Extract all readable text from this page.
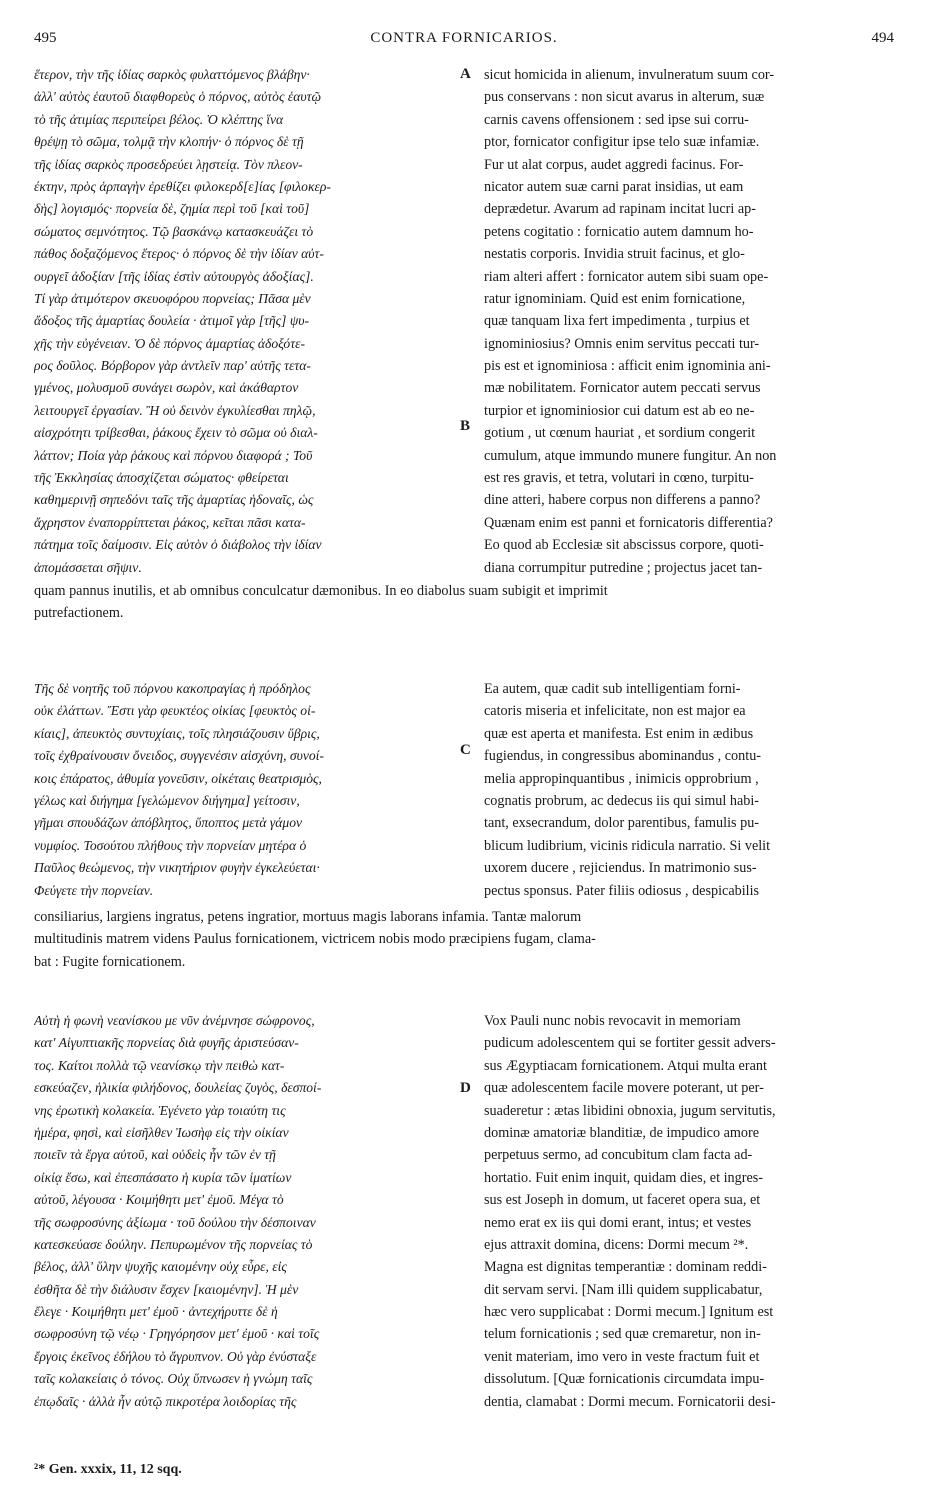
495	CONTRA FORNICARIOS.	494
ἕτερον, τὴν τῆς ἰδίας σαρκὸς φυλαττόμενος βλάβην·
ἀλλ' αὐτὸς ἑαυτοῦ διαφθορεὺς ὁ πόρνος, αὐτὸς ἑαυτῷ
τὸ τῆς ἀτιμίας περιπείρει βέλος. Ὁ κλέπτης ἵνα
θρέψῃ τὸ σῶμα, τολμᾷ τὴν κλοπήν· ὁ πόρνος δὲ τῇ
τῆς ἰδίας σαρκὸς προσεδρεύει λῃστείᾳ. Τὸν πλεον-
έκτην, πρὸς ἁρπαγὴν ἐρεθίζει φιλοκερδ[ε]ίας [φιλοκερ-
δὴς] λογισμός· πορνεία δὲ, ζημία περὶ τοῦ [καὶ τοῦ]
σώματος σεμνότητος. Τῷ βασκάνῳ κατασκευάζει τὸ
πάθος δοξαζόμενος ἕτερος· ὁ πόρνος δὲ τὴν ἰδίαν αὐτ-
ουργεῖ ἀδοξίαν [τῆς ἰδίας ἐστὶν αὐτουργὸς ἀδοξίας].
Τί γὰρ ἀτιμότερον σκευοφόρου πορνείας; Πᾶσα μὲν
ἄδοξος τῆς ἁμαρτίας δουλεία · ἀτιμοῖ γὰρ [τῆς] ψυ-
χῆς τὴν εὐγένειαν. Ὁ δὲ πόρνος ἁμαρτίας ἀδοξότε-
ρος δοῦλος. Βόρβορον γὰρ ἀντλεῖν παρ' αὐτῆς τετα-
γμένος, μολυσμοῦ συνάγει σωρὸν, καὶ ἀκάθαρτον
λειτουργεῖ ἐργασίαν. Ἢ οὐ δεινὸν ἐγκυλίεσθαι πηλῷ,
αἰσχρότητι τρίβεσθαι, ῥάκους ἔχειν τὸ σῶμα οὐ διαλ-
λάττον; Ποία γὰρ ῥάκους καὶ πόρνου διαφορά ; Τοῦ
τῆς Ἐκκλησίας ἀποσχίζεται σώματος· φθείρεται
καθημερινῇ σηπεδόνι ταῖς τῆς ἁμαρτίας ἡδοναῖς, ὡς
ἄχρηστον ἐναπορρίπτεται ῥάκος, κεῖται πᾶσι κατα-
πάτημα τοῖς δαίμοσιν. Εἰς αὐτὸν ὁ διάβολος τὴν ἰδίαν
ἀπομάσσεται σῆψιν.
sicut homicida in alienum, invulneratum suum cor-
pus conservans : non sicut avarus in alterum, suæ
carnis cavens offensionem : sed ipse sui corru-
ptor, fornicator configitur ipse telo suæ infamiæ.
Fur ut alat corpus, audet aggredi facinus. For-
nicator autem suæ carni parat insidias, ut eam
deprædetur. Avarum ad rapinam incitat lucri ap-
petens cogitatio : fornicatio autem damnum ho-
nestatis corporis. Invidia struit facinus, et glo-
riam alteri affert : fornicator autem sibi suam ope-
ratur ignominiam. Quid est enim fornicatione,
quæ tanquam lixa fert impedimenta , turpius et
ignominiosius? Omnis enim servitus peccati tur-
pis est et ignominiosa : afficit enim ignominia ani-
mæ nobilitatem. Fornicator autem peccati servus
turpior et ignominiosior cui datum est ab eo ne-
gotium , ut cœnum hauriat , et sordium congerit
cumulum, atque immundo munere fungitur. An non
est res gravis, et tetra, volutari in cœno, turpitu-
dine atteri, habere corpus non differens a panno?
Quænam enim est panni et fornicatoris differentia?
Eo quod ab Ecclesiæ sit abscissus corpore, quoti-
diana corrumpitur putredine ; projectus jacet tan-
quam pannus inutilis, et ab omnibus conculcatur dæmonibus. In eo diabolus suam subigit et imprimit
putrefactionem.
A
B
Τῆς δὲ νοητῆς τοῦ πόρνου κακοπραγίας ἡ πρόδηλος
οὐκ ἐλάττων. Ἔστι γὰρ φευκτέος οἰκίας [φευκτὸς οἰ-
κίαις], ἀπευκτὸς συντυχίαις, τοῖς πλησιάζουσιν ὕβρις,
τοῖς ἐχθραίνουσιν ὄνειδος, συγγενέσιν αἰσχύνη, συνοί-
κοις ἐπάρατος, ἀθυμία γονεῦσιν, οἰκέταις θεατρισμὸς,
γέλως καὶ διήγημα [γελώμενον διήγημα] γείτοσιν,
γῆμαι σπουδάζων ἀπόβλητος, ὕποπτος μετὰ γάμον
νυμφίος. Τοσούτου πλήθους τὴν πορνείαν μητέρα ὁ
Παῦλος θεώμενος, τὴν νικητήριον φυγὴν ἐγκελεύεται·
Φεύγετε τὴν πορνείαν.
Ea autem, quæ cadit sub intelligentiam forni-
catoris miseria et infelicitate, non est major ea
quæ est aperta et manifesta. Est enim in ædibus
fugiendus, in congressibus abominandus , contu-
melia appropinquantibus , inimicis opprobrium ,
cognatis probrum, ac dedecus iis qui simul habi-
tant, exsecrandum, dolor parentibus, famulis pu-
blicum ludibrium, vicinis ridicula narratio. Si velit
uxorem ducere , rejiciendus. In matrimonio sus-
pectus sponsus. Pater filiis odiosus , despicabilis
consiliarius, largiens ingratus, petens ingratior, mortuus magis laborans infamia. Tantæ malorum
multitudinis matrem videns Paulus fornicationem, victricem nobis modo præcipiens fugam, clama-
bat : Fugite fornicationem.
C
Αὐτὴ ἡ φωνὴ νεανίσκου με νῦν ἀνέμνησε σώφρονος,
κατ' Αἰγυπτιακῆς πορνείας διὰ φυγῆς ἀριστεύσαν-
τος. Καίτοι πολλὰ τῷ νεανίσκῳ τὴν πειθὼ κατ-
εσκεύαζεν, ἡλικία φιλήδονος, δουλείας ζυγὸς, δεσποί-
νης ἐρωτικὴ κολακεία. Ἐγένετο γὰρ τοιαύτη τις
ἡμέρα, φησὶ, καὶ εἰσῆλθεν Ἰωσὴφ εἰς τὴν οἰκίαν
ποιεῖν τὰ ἔργα αὐτοῦ, καὶ οὐδεὶς ἦν τῶν ἐν τῇ
οἰκίᾳ ἔσω, καὶ ἐπεσπάσατο ἡ κυρία τῶν ἱματίων
αὐτοῦ, λέγουσα · Κοιμήθητι μετ' ἐμοῦ. Μέγα τὸ
τῆς σωφροσύνης ἀξίωμα · τοῦ δούλου τὴν δέσποιναν
κατεσκεύασε δούλην. Πεπυρωμένον τῆς πορνείας τὸ
βέλος, ἀλλ' ὕλην ψυχῆς καιομένην οὐχ εὗρε, εἰς
ἐσθῆτα δὲ τὴν διάλυσιν ἔσχεν [καιομένην]. Ἡ μὲν
ἔλεγε · Κοιμήθητι μετ' ἐμοῦ · ἀντεχήρυττε δὲ ἡ
σωφροσύνη τῷ νέῳ · Γρηγόρησον μετ' ἐμοῦ · καὶ τοῖς
ἔργοις ἐκεῖνος ἐδήλου τὸ ἄγρυπνον. Οὐ γὰρ ἐνύσταξε
ταῖς κολακείαις ὁ τόνος. Οὐχ ὕπνωσεν ἡ γνώμη ταῖς
ἐπῳδαῖς · ἀλλὰ ἦν αὐτῷ πικροτέρα λοιδορίας τῆς
Vox Pauli nunc nobis revocavit in memoriam
pudicum adolescentem qui se fortiter gessit advers-
sus Ægyptiacam fornicationem. Atqui multa erant
quæ adolescentem facile movere poterant, ut per-
suaderetur : ætas libidini obnoxia, jugum servitutis,
dominæ amatoriæ blanditiæ, de impudico amore
perpetuus sermo, ad concubitum clam facta ad-
hortatio. Fuit enim inquit, quidam dies, et ingres-
sus est Joseph in domum, ut faceret opera sua, et
nemo erat ex iis qui domi erant, intus; et vestes
ejus attraxit domina, dicens: Dormi mecum ²*.
Magna est dignitas temperantiæ : dominam reddi-
dit servam servi. [Nam illi quidem supplicabatur,
hæc vero supplicabat : Dormi mecum.] Ignitum est
telum fornicationis ; sed quæ cremaretur, non in-
venit materiam, imo vero in veste fractum fuit et
dissolutum. [Quæ fornicationis circumdata impu-
dentia, clamabat : Dormi mecum. Fornicatorii desi-
D
²* Gen. xxxix, 11, 12 sqq.
